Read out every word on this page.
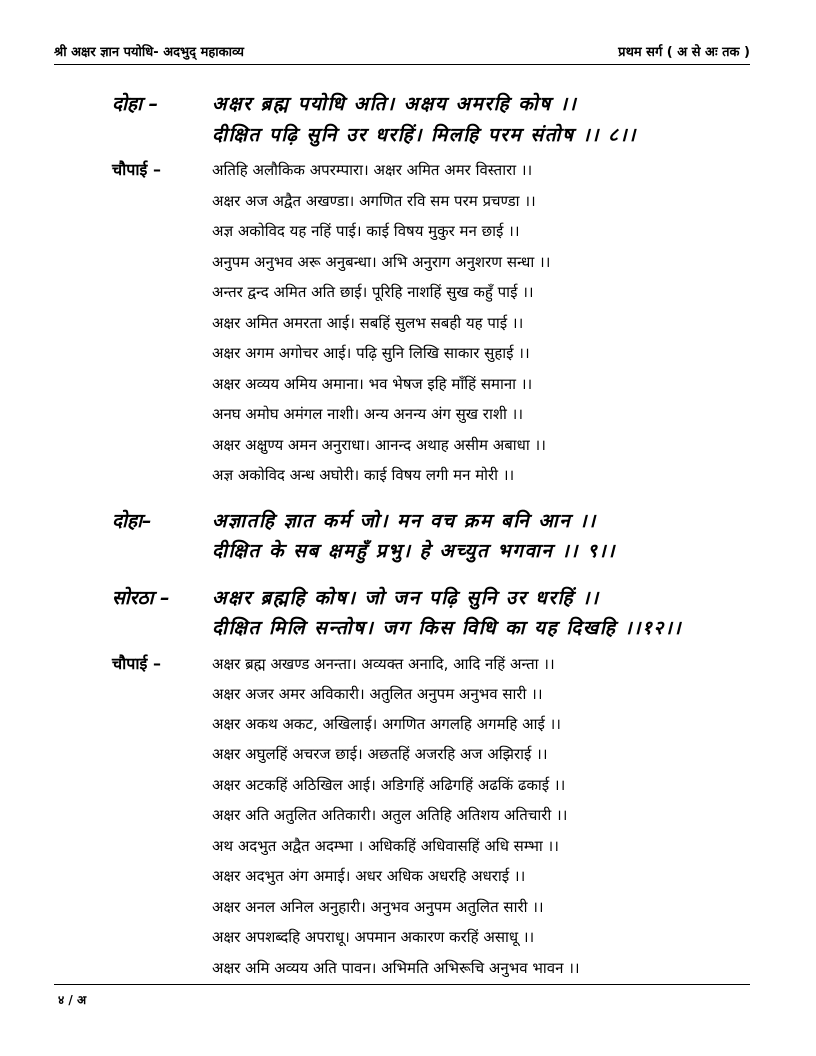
श्री अक्षर ज्ञान पयोधि- अदभुद् महाकाव्य	प्रथम सर्ग ( अ से अः तक )
दोहा –	अक्षर ब्रह्म पयोधि अति। अक्षय अमरहि कोष ।।
दीक्षित पढ़ि सुनि उर धरहिं। मिलहि परम संतोष ।। ८।।
चौपाई –	अतिहि अलौकिक अपरम्पारा। अक्षर अमित अमर विस्तारा ।।
अक्षर अज अद्वैत अखण्डा। अगणित रवि सम परम प्रचण्डा ।।
अज्ञ अकोविद यह नहिं पाई। काई विषय मुकुर मन छाई ।।
अनुपम अनुभव अरू अनुबन्धा। अभि अनुराग अनुशरण सन्धा ।।
अन्तर द्वन्द अमित अति छाई। पूरिहि नाशहिं सुख कहुँ पाई ।।
अक्षर अमित अमरता आई। सबहिं सुलभ सबही यह पाई ।।
अक्षर अगम अगोचर आई। पढ़ि सुनि लिखि साकार सुहाई ।।
अक्षर अव्यय अमिय अमाना। भव भेषज इहि माँहिं समाना ।।
अनघ अमोघ अमंगल नाशी। अन्य अनन्य अंग सुख राशी ।।
अक्षर अक्षुण्य अमन अनुराधा। आनन्द अथाह असीम अबाधा ।।
अज्ञ अकोविद अन्ध अघोरी। काई विषय लगी मन मोरी ।।
दोहा–	अज्ञातहि ज्ञात कर्म जो। मन वच क्रम बनि आन ।।
दीक्षित के सब क्षमहुँ प्रभु। हे अच्युत भगवान ।। ९।।
सोरठा – अक्षर ब्रह्महि कोष। जो जन पढ़ि सुनि उर धरहिं ।।
दीक्षित मिलि सन्तोष। जग किस विधि का यह दिखहि ।।१२।।
चौपाई –	अक्षर ब्रह्म अखण्ड अनन्ता। अव्यक्त अनादि, आदि नहिं अन्ता ।।
अक्षर अजर अमर अविकारी। अतुलित अनुपम अनुभव सारी ।।
अक्षर अकथ अकट, अखिलाई। अगणित अगलहि अगमहि आई ।।
अक्षर अघुलहिं अचरज छाई। अछतहिं अजरहि अज अझिराई ।।
अक्षर अटकहिं अठिखिल आई। अडिगहिं अढिगहिं अढकिं ढकाई ।।
अक्षर अति अतुलित अतिकारी। अतुल अतिहि अतिशय अतिचारी ।।
अथ अदभुत अद्वैत अदम्भा । अधिकहिं अधिवासहिं अधि सम्भा ।।
अक्षर अदभुत अंग अमाई। अधर अधिक अधरहि अधराई ।।
अक्षर अनल अनिल अनुहारी। अनुभव अनुपम अतुलित सारी ।।
अक्षर अपशब्दहि अपराधू। अपमान अकारण करहिं असाधू ।।
अक्षर अमि अव्यय अति पावन। अभिमति अभिरूचि अनुभव भावन ।।
४ / अ
